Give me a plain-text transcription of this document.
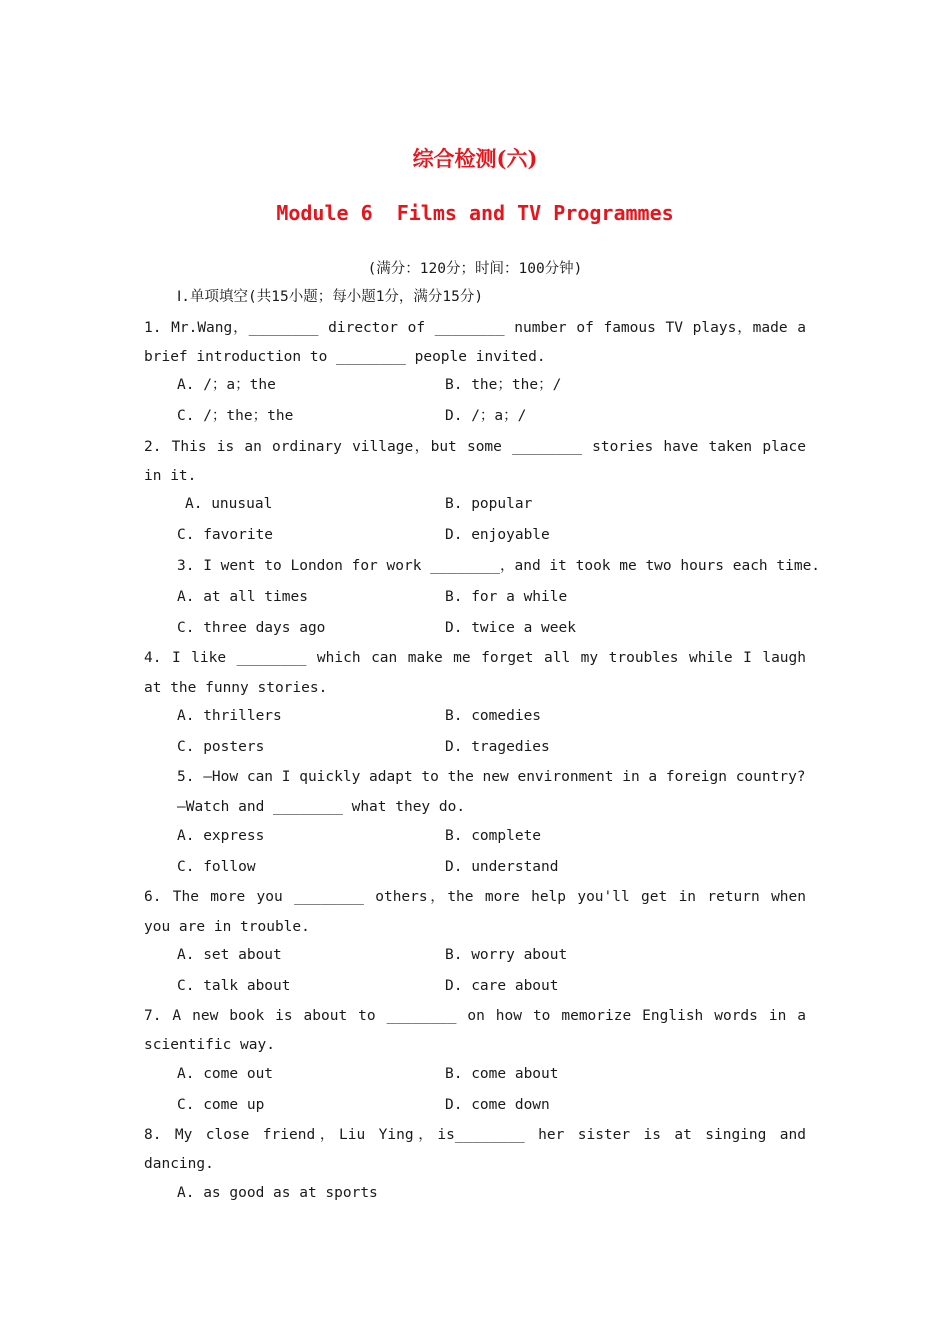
综合检测(六)
Module 6  Films and TV Programmes
(满分：120分；时间：100分钟)
Ⅰ.单项填空(共15小题；每小题1分，满分15分)
1. Mr.Wang，________ director of ________ number of famous TV plays，made a
brief introduction to ________ people invited.
A. /；a；the	B. the；the；/
C. /；the；the	D. /；a；/
2. This is an ordinary village，but some ________ stories have taken place
in it.
A. unusual	B. popular
C. favorite	D. enjoyable
3. I went to London for work ________，and it took me two hours each time.
A. at all times	B. for a while
C. three days ago	D. twice a week
4. I like ________ which can make me forget all my troubles while I laugh
at the funny stories.
A. thrillers	B. comedies
C. posters	D. tragedies
5. —How can I quickly adapt to the new environment in a foreign country?
—Watch and ________ what they do.
A. express	B. complete
C. follow	D. understand
6. The more you ________ others，the more help you'll get in return when
you are in trouble.
A. set about	B. worry about
C. talk about	D. care about
7. A new book is about to ________ on how to memorize English words in a
scientific way.
A. come out	B. come about
C. come up	D. come down
8. My close friend，Liu Ying，is________ her sister is at singing and
dancing.
A. as good as at sports
